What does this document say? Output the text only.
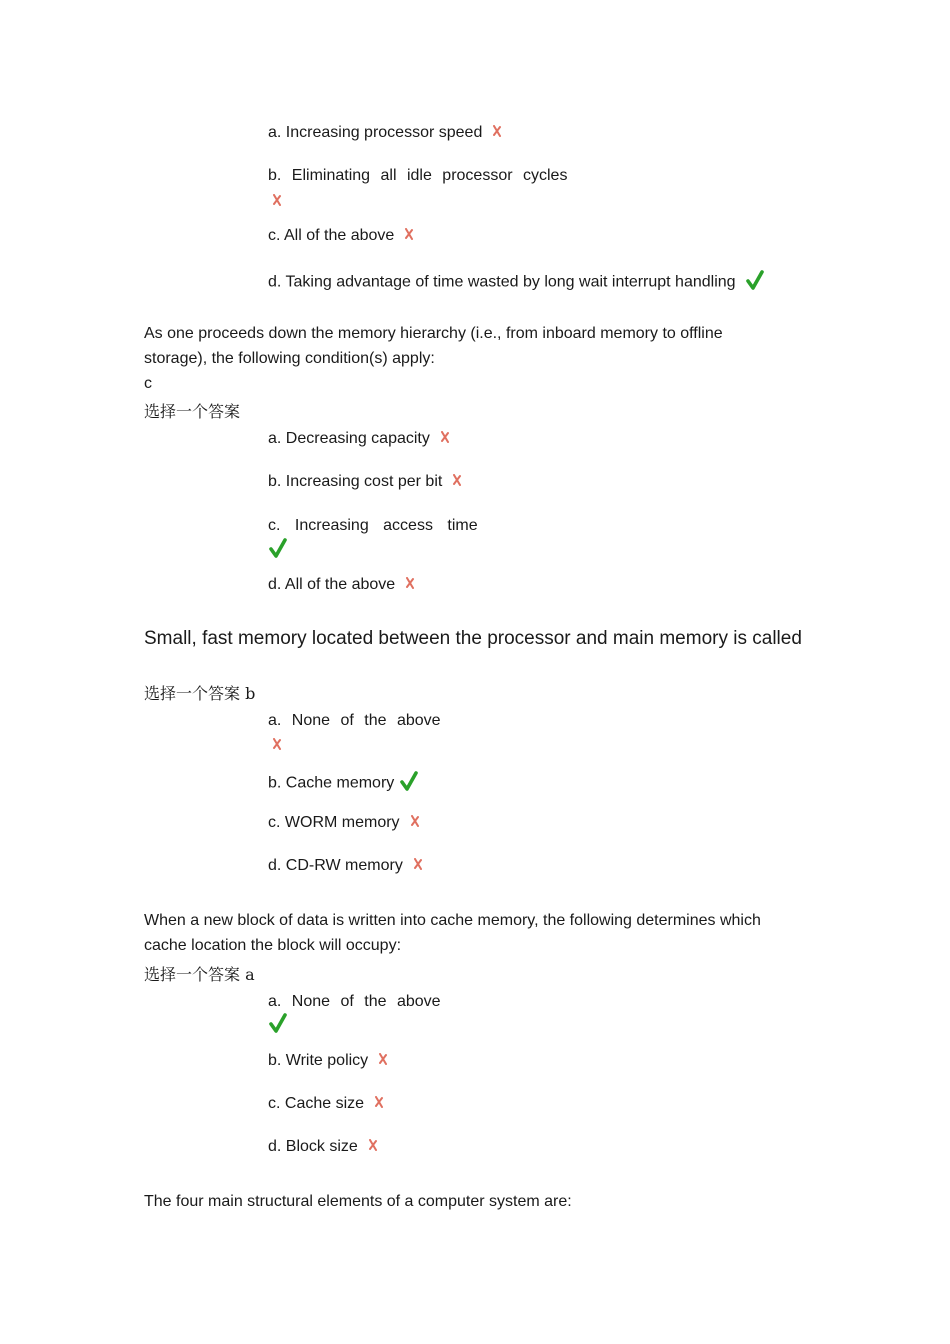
a. Increasing processor speed
b. Eliminating all idle processor cycles
c. All of the above
d. Taking advantage of time wasted by long wait interrupt handling
As one proceeds down the memory hierarchy (i.e., from inboard memory to offline
storage), the following condition(s) apply:
c
选择一个答案
a. Decreasing capacity
b. Increasing cost per bit
c. Increasing access time
d. All of the above
Small, fast memory located between the processor and main memory is called
选择一个答案 b
a. None of the above
b. Cache memory
c. WORM memory
d. CD-RW memory
When a new block of data is written into cache memory, the following determines which
cache location the block will occupy:
选择一个答案 a
a. None of the above
b. Write policy
c. Cache size
d. Block size
The four main structural elements of a computer system are:
